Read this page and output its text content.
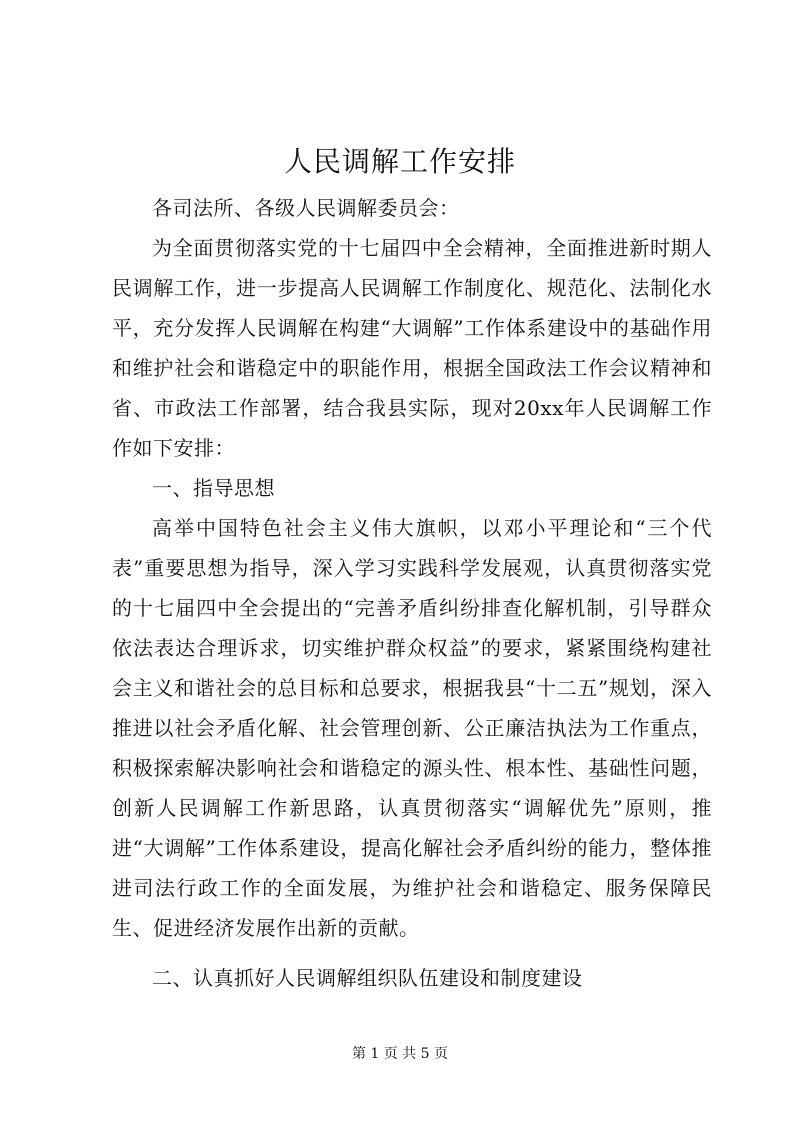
人民调解工作安排

各司法所、各级人民调解委员会：

为全面贯彻落实党的十七届四中全会精神，全面推进新时期人民调解工作，进一步提高人民调解工作制度化、规范化、法制化水平，充分发挥人民调解在构建“大调解”工作体系建设中的基础作用和维护社会和谐稳定中的职能作用，根据全国政法工作会议精神和省、市政法工作部署，结合我县实际，现对20xx年人民调解工作作如下安排：

一、指导思想

高举中国特色社会主义伟大旗帜，以邓小平理论和“三个代表”重要思想为指导，深入学习实践科学发展观，认真贯彻落实党的十七届四中全会提出的“完善矛盾纠纷排查化解机制，引导群众依法表达合理诉求，切实维护群众权益”的要求，紧紧围绕构建社会主义和谐社会的总目标和总要求，根据我县“十二五”规划，深入推进以社会矛盾化解、社会管理创新、公正廉洁执法为工作重点，积极探索解决影响社会和谐稳定的源头性、根本性、基础性问题，创新人民调解工作新思路，认真贯彻落实“调解优先”原则，推进“大调解”工作体系建设，提高化解社会矛盾纠纷的能力，整体推进司法行政工作的全面发展，为维护社会和谐稳定、服务保障民生、促进经济发展作出新的贡献。

二、认真抓好人民调解组织队伍建设和制度建设

第 1 页 共 5 页
